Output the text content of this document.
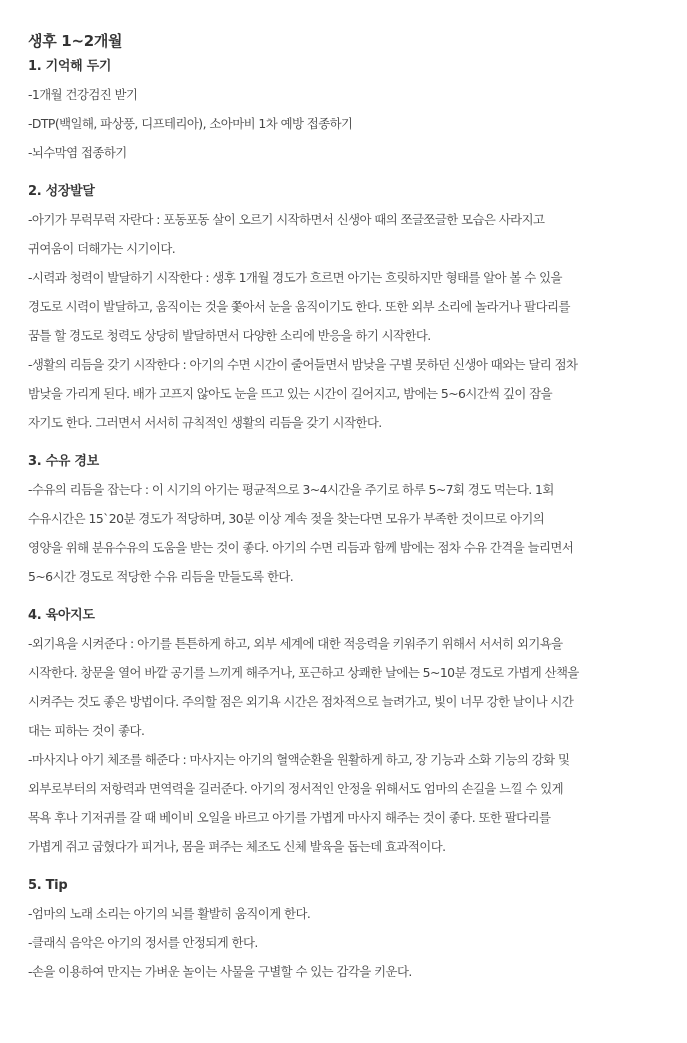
생후 1~2개월
1. 기억해 두기

-1개월 건강검진 받기

-DTP(백일해, 파상풍, 디프테리아), 소아마비 1차 예방 접종하기

-뇌수막염 접종하기

2. 성장발달

-아기가 무럭무럭 자란다 : 포동포동 살이 오르기 시작하면서 신생아 때의 쪼글쪼글한 모습은 사라지고

귀여움이 더해가는 시기이다.

-시력과 청력이 발달하기 시작한다 : 생후 1개월 경도가 흐르면 아기는 흐릿하지만 형태를 알아 볼 수 있을

경도로 시력이 발달하고, 움직이는 것을 쫓아서 눈을 움직이기도 한다. 또한 외부 소리에 놀라거나 팔다리를

꿈틀 할 경도로 청력도 상당히 발달하면서 다양한 소리에 반응을 하기 시작한다.

-생활의 리듬을 갖기 시작한다 : 아기의 수면 시간이 줄어들면서 밤낮을 구별 못하던 신생아 때와는 달리 점차

밤낮을 가리게 된다. 배가 고프지 않아도 눈을 뜨고 있는 시간이 길어지고, 밤에는 5~6시간씩 깊이 잠을

자기도 한다. 그러면서 서서히 규칙적인 생활의 리듬을 갖기 시작한다.

3. 수유 경보

-수유의 리듬을 잡는다 : 이 시기의 아기는 평균적으로 3~4시간을 주기로 하루 5~7회 경도 먹는다. 1회

수유시간은 15`20분 경도가 적당하며, 30분 이상 계속 젖을 찾는다면 모유가 부족한 것이므로 아기의

영양을 위해 분유수유의 도움을 받는 것이 좋다. 아기의 수면 리듬과 함께 밤에는 점차 수유 간격을 늘리면서

5~6시간 경도로 적당한 수유 리듬을 만들도록 한다.

4. 육아지도

-외기욕을 시켜준다 : 아기를 튼튼하게 하고, 외부 세계에 대한 적응력을 키워주기 위해서 서서히 외기욕을

시작한다. 창문을 열어 바깥 공기를 느끼게 해주거나, 포근하고 상쾌한 날에는 5~10분 경도로 가볍게 산책을

시켜주는 것도 좋은 방법이다. 주의할 점은 외기욕 시간은 점차적으로 늘려가고, 빛이 너무 강한 날이나 시간

대는 피하는 것이 좋다.

-마사지나 아기 체조를 해준다 : 마사지는 아기의 혈액순환을 원활하게 하고, 장 기능과 소화 기능의 강화 및

외부로부터의 저항력과 면역력을 길러준다. 아기의 정서적인 안정을 위해서도 엄마의 손길을 느낄 수 있게

목욕 후나 기저귀를 갈 때 베이비 오일을 바르고 아기를 가볍게 마사지 해주는 것이 좋다. 또한 팔다리를

가볍게 쥐고 굽혔다가 피거나, 몸을 펴주는 체조도 신체 발육을 돕는데 효과적이다.

5. Tip

-엄마의 노래 소리는 아기의 뇌를 활발히 움직이게 한다.

-클래식 음악은 아기의 정서를 안정되게 한다.

-손을 이용하여 만지는 가벼운 놀이는 사물을 구별할 수 있는 감각을 키운다.
